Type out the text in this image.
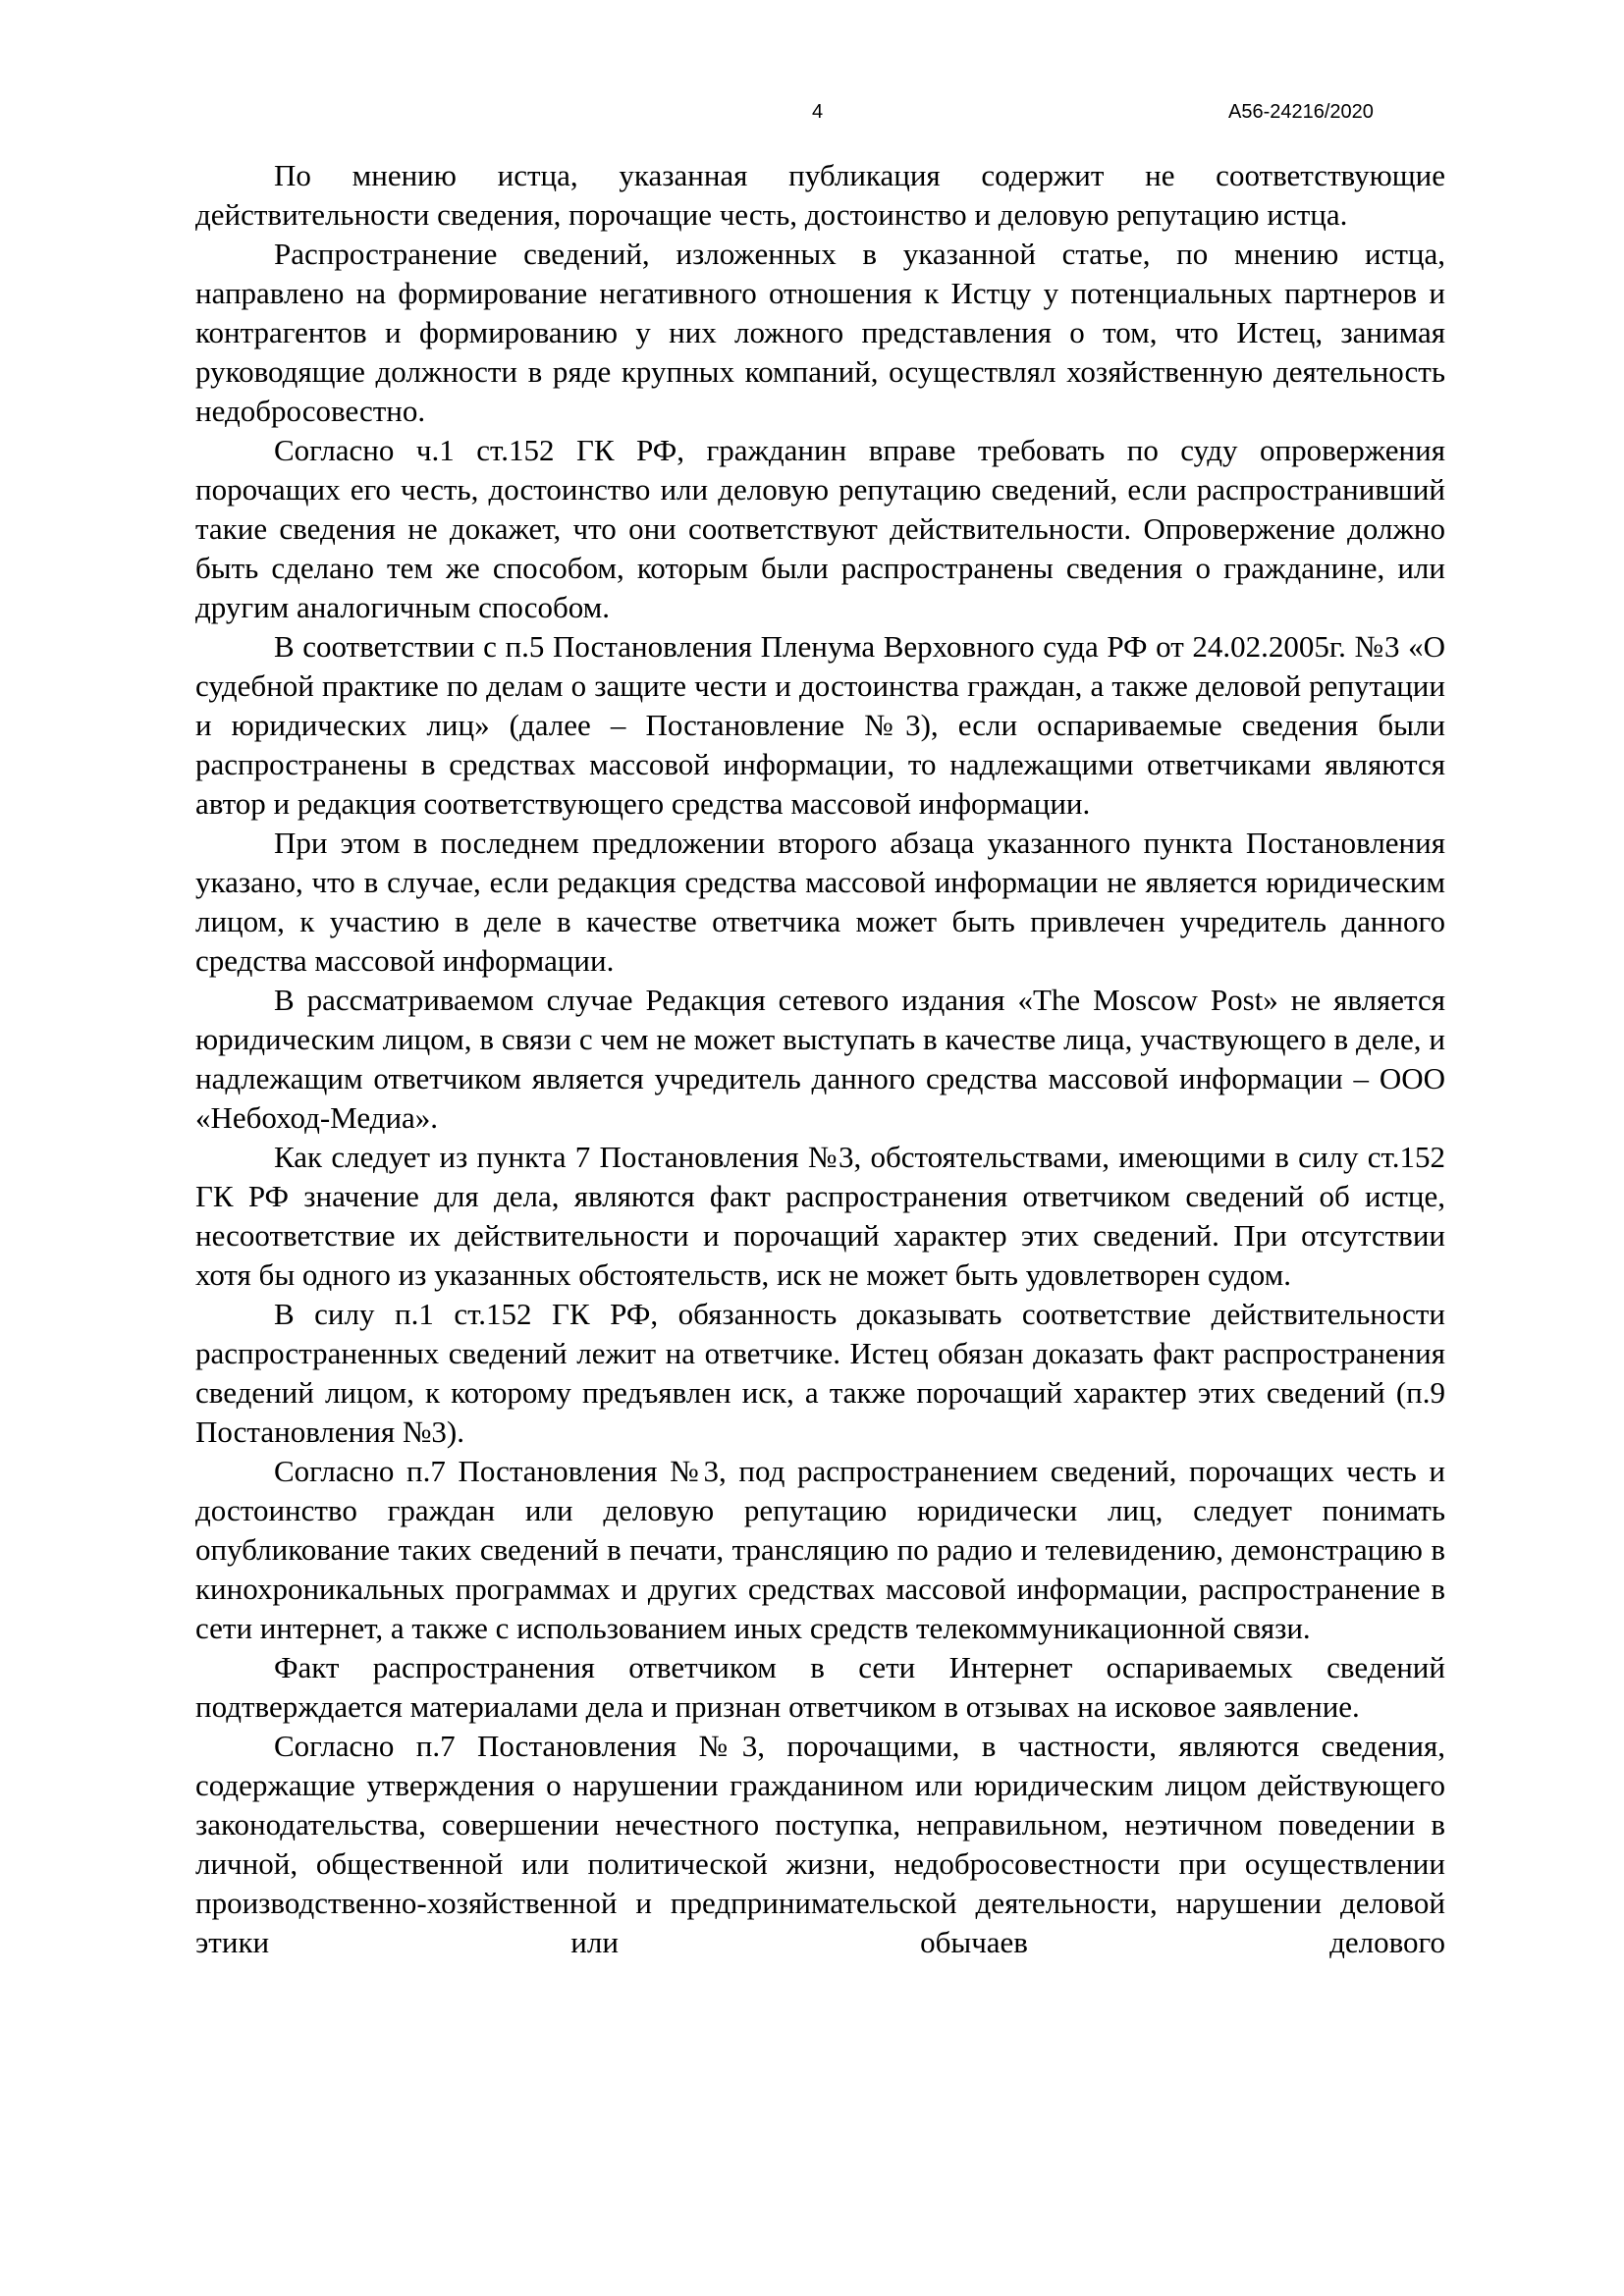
4	А56-24216/2020

По мнению истца, указанная публикация содержит не соответствующие действительности сведения, порочащие честь, достоинство и деловую репутацию истца.

Распространение сведений, изложенных в указанной статье, по мнению истца, направлено на формирование негативного отношения к Истцу у потенциальных партнеров и контрагентов и формированию у них ложного представления о том, что Истец, занимая руководящие должности в ряде крупных компаний, осуществлял хозяйственную деятельность недобросовестно.

Согласно ч.1 ст.152 ГК РФ, гражданин вправе требовать по суду опровержения порочащих его честь, достоинство или деловую репутацию сведений, если распространивший такие сведения не докажет, что они соответствуют действительности. Опровержение должно быть сделано тем же способом, которым были распространены сведения о гражданине, или другим аналогичным способом.

В соответствии с п.5 Постановления Пленума Верховного суда РФ от 24.02.2005г. №3 «О судебной практике по делам о защите чести и достоинства граждан, а также деловой репутации и юридических лиц» (далее – Постановление №3), если оспариваемые сведения были распространены в средствах массовой информации, то надлежащими ответчиками являются автор и редакция соответствующего средства массовой информации.

При этом в последнем предложении второго абзаца указанного пункта Постановления указано, что в случае, если редакция средства массовой информации не является юридическим лицом, к участию в деле в качестве ответчика может быть привлечен учредитель данного средства массовой информации.

В рассматриваемом случае Редакция сетевого издания «The Moscow Post» не является юридическим лицом, в связи с чем не может выступать в качестве лица, участвующего в деле, и надлежащим ответчиком является учредитель данного средства массовой информации – ООО «Небоход-Медиа».

Как следует из пункта 7 Постановления №3, обстоятельствами, имеющими в силу ст.152 ГК РФ значение для дела, являются факт распространения ответчиком сведений об истце, несоответствие их действительности и порочащий характер этих сведений. При отсутствии хотя бы одного из указанных обстоятельств, иск не может быть удовлетворен судом.

В силу п.1 ст.152 ГК РФ, обязанность доказывать соответствие действительности распространенных сведений лежит на ответчике. Истец обязан доказать факт распространения сведений лицом, к которому предъявлен иск, а также порочащий характер этих сведений (п.9 Постановления №3).

Согласно п.7 Постановления №3, под распространением сведений, порочащих честь и достоинство граждан или деловую репутацию юридически лиц, следует понимать опубликование таких сведений в печати, трансляцию по радио и телевидению, демонстрацию в кинохроникальных программах и других средствах массовой информации, распространение в сети интернет, а также с использованием иных средств телекоммуникационной связи.

Факт распространения ответчиком в сети Интернет оспариваемых сведений подтверждается материалами дела и признан ответчиком в отзывах на исковое заявление.

Согласно п.7 Постановления №3, порочащими, в частности, являются сведения, содержащие утверждения о нарушении гражданином или юридическим лицом действующего законодательства, совершении нечестного поступка, неправильном, неэтичном поведении в личной, общественной или политической жизни, недобросовестности при осуществлении производственно-хозяйственной и предпринимательской деятельности, нарушении деловой этики или обычаев делового
